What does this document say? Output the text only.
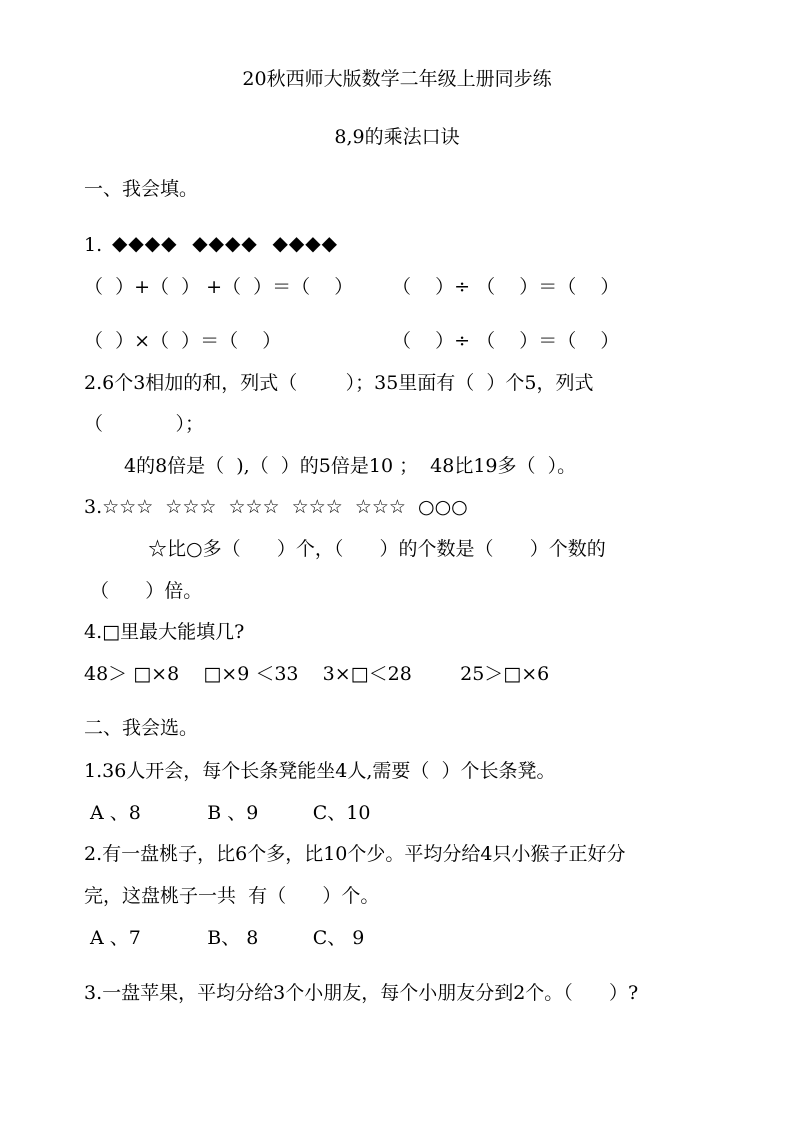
20秋西师大版数学二年级上册同步练
8,9的乘法口诀
一、我会填。
1. ◆◆◆◆  ◆◆◆◆  ◆◆◆◆
（  ）+（  ） +（  ）＝（    ） （    ）÷ （    ）＝（    ）
（  ）×（  ）＝（    ）	（    ）÷ （    ）＝（    ）
2.6个3相加的和，列式（        ）；35里面有（  ）个5，列式
（            ）；
4的8倍是（  ),（  ）的5倍是10 ；  48比19多（  ）。
3.☆☆☆  ☆☆☆  ☆☆☆  ☆☆☆  ☆☆☆  ○○○
☆比○多（      ）个，（      ）的个数是（      ）个数的
（      ）倍。
4.□里最大能填几?
48＞ □×8    □×9 ＜33    3×□＜28        25＞□×6
二、我会选。
1.36人开会，每个长条凳能坐4人,需要（  ）个长条凳。
A 、8           B 、9         C、10
2.有一盘桃子，比6个多，比10个少。平均分给4只小猴子正好分
完，这盘桃子一共  有（      ）个。
A 、7           B、 8         C、 9
3.一盘苹果，平均分给3个小朋友，每个小朋友分到2个。（      ）?
